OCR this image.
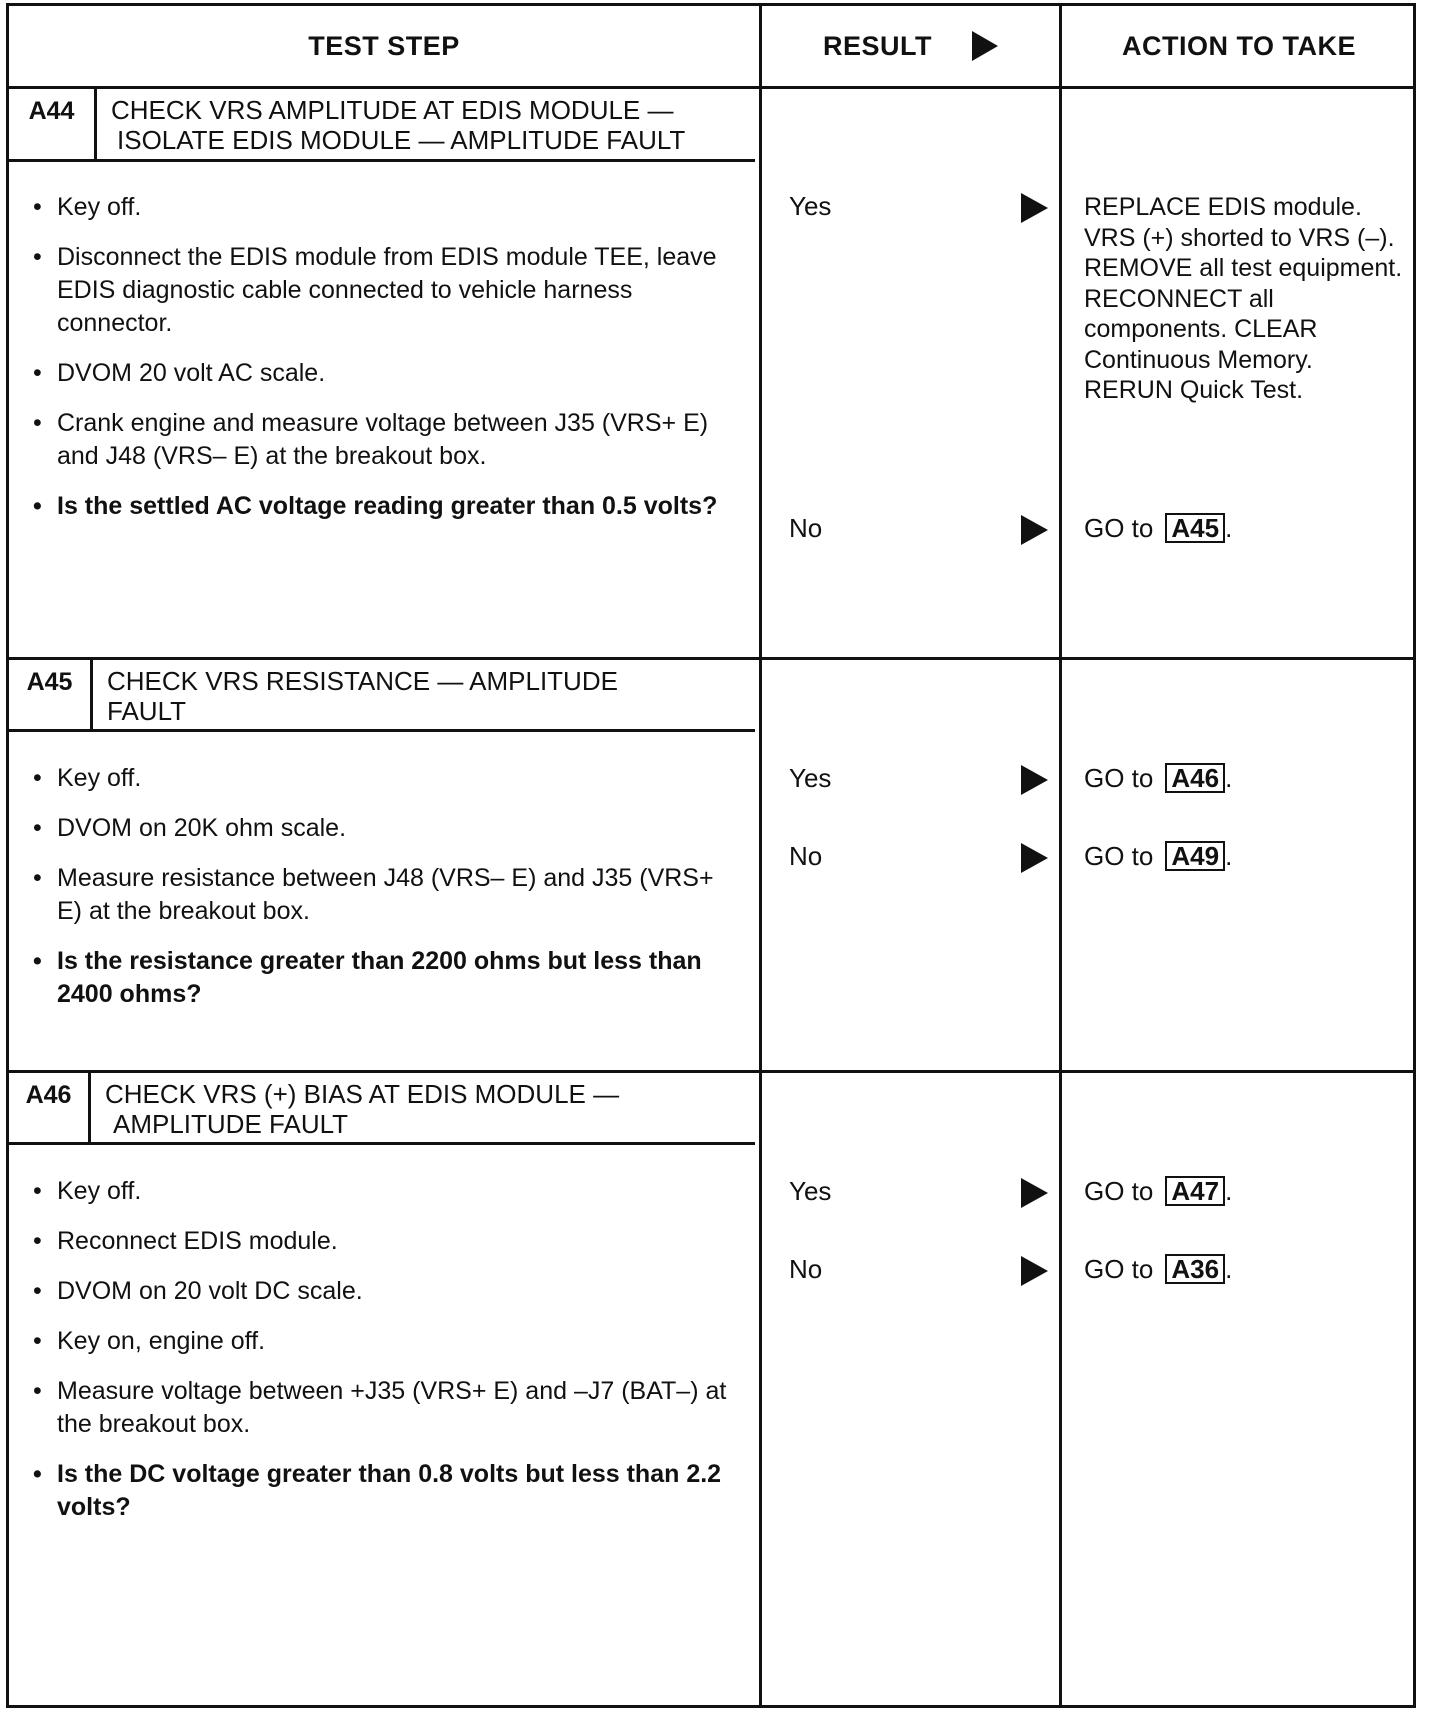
TEST STEP	RESULT	ACTION TO TAKE
A44	CHECK VRS AMPLITUDE AT EDIS MODULE —
ISOLATE EDIS MODULE — AMPLITUDE FAULT
• Key off.
• Disconnect the EDIS module from EDIS module TEE, leave EDIS diagnostic cable connected to vehicle harness connector.
• DVOM 20 volt AC scale.
• Crank engine and measure voltage between J35 (VRS+ E) and J48 (VRS– E) at the breakout box.
• Is the settled AC voltage reading greater than 0.5 volts?
Yes	REPLACE EDIS module. VRS (+) shorted to VRS (–). REMOVE all test equipment. RECONNECT all components. CLEAR Continuous Memory. RERUN Quick Test.
No	GO to A45 .
A45	CHECK VRS RESISTANCE — AMPLITUDE
FAULT
• Key off.
• DVOM on 20K ohm scale.
• Measure resistance between J48 (VRS– E) and J35 (VRS+ E) at the breakout box.
• Is the resistance greater than 2200 ohms but less than 2400 ohms?
Yes	GO to A46 .
No	GO to A49 .
A46	CHECK VRS (+) BIAS AT EDIS MODULE —
AMPLITUDE FAULT
• Key off.
• Reconnect EDIS module.
• DVOM on 20 volt DC scale.
• Key on, engine off.
• Measure voltage between +J35 (VRS+ E) and –J7 (BAT–) at the breakout box.
• Is the DC voltage greater than 0.8 volts but less than 2.2 volts?
Yes	GO to A47 .
No	GO to A36 .
